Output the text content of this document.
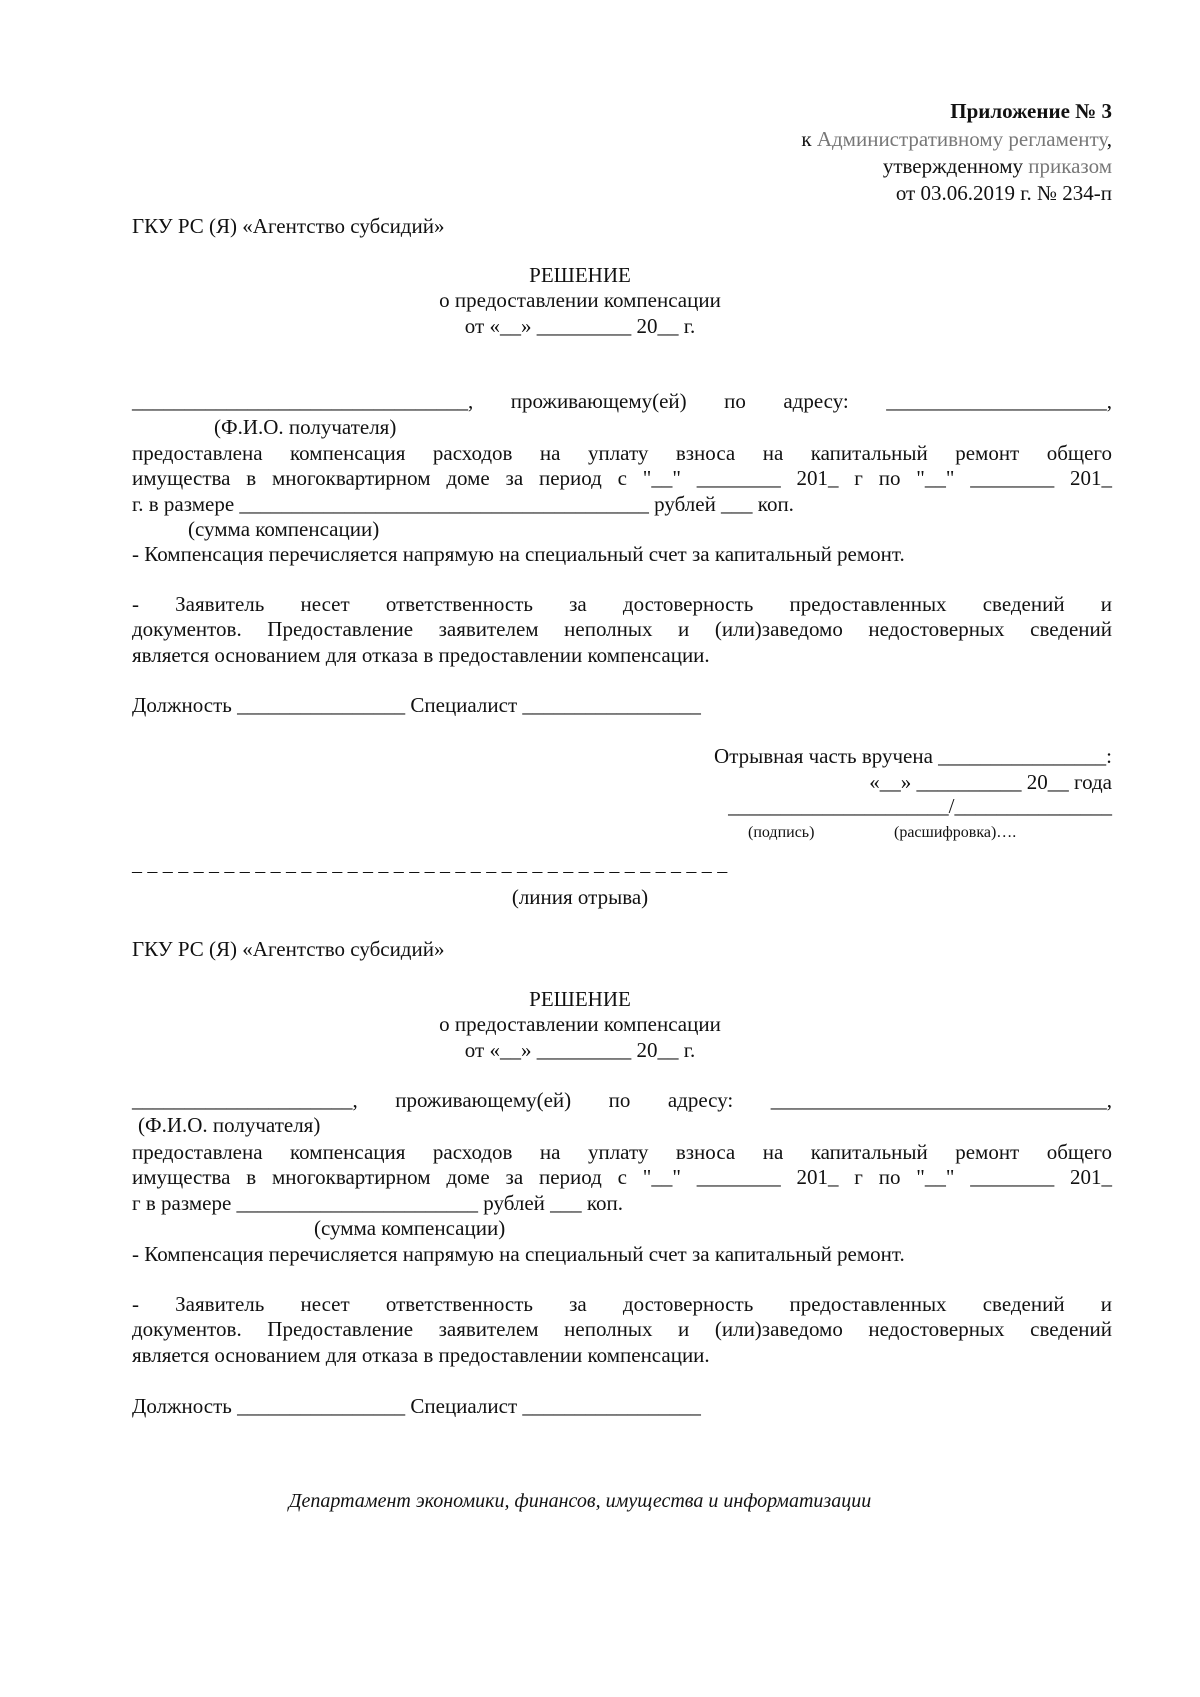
Приложение № 3
к Административному регламенту,
утвержденному приказом
от 03.06.2019 г. № 234-п
ГКУ РС (Я) «Агентство субсидий»
РЕШЕНИЕ
о предоставлении компенсации
от «__» _________ 20__ г.
________________________________, проживающему(ей) по адресу: _____________________,
(Ф.И.О. получателя)
предоставлена компенсация расходов на уплату взноса на капитальный ремонт общего
имущества в многоквартирном доме за период с "__" ________ 201_ г по "__" ________ 201_
г. в размере _______________________________________ рублей ___ коп.
(сумма компенсации)
- Компенсация перечисляется напрямую на специальный счет за капитальный ремонт.
- Заявитель несет ответственность за достоверность предоставленных сведений и
документов. Предоставление заявителем неполных и (или)заведомо недостоверных сведений
является основанием для отказа в предоставлении компенсации.
Должность ________________ Специалист _________________
Отрывная часть вручена ________________:
«__» __________ 20__ года
_____________________/_______________
(подпись)	(расшифровка)….
– – – – – – – – – – – – – – – – – – – – – – – – – – – – – – – – – – – – – – –
(линия отрыва)
ГКУ РС (Я) «Агентство субсидий»
РЕШЕНИЕ
о предоставлении компенсации
от «__» _________ 20__ г.
_____________________, проживающему(ей) по адресу: ________________________________,
(Ф.И.О. получателя)
предоставлена компенсация расходов на уплату взноса на капитальный ремонт общего
имущества в многоквартирном доме за период с "__" ________ 201_ г по "__" ________ 201_
г в размере _______________________ рублей ___ коп.
(сумма компенсации)
- Компенсация перечисляется напрямую на специальный счет за капитальный ремонт.
- Заявитель несет ответственность за достоверность предоставленных сведений и
документов. Предоставление заявителем неполных и (или)заведомо недостоверных сведений
является основанием для отказа в предоставлении компенсации.
Должность ________________ Специалист _________________
Департамент экономики, финансов, имущества и информатизации
